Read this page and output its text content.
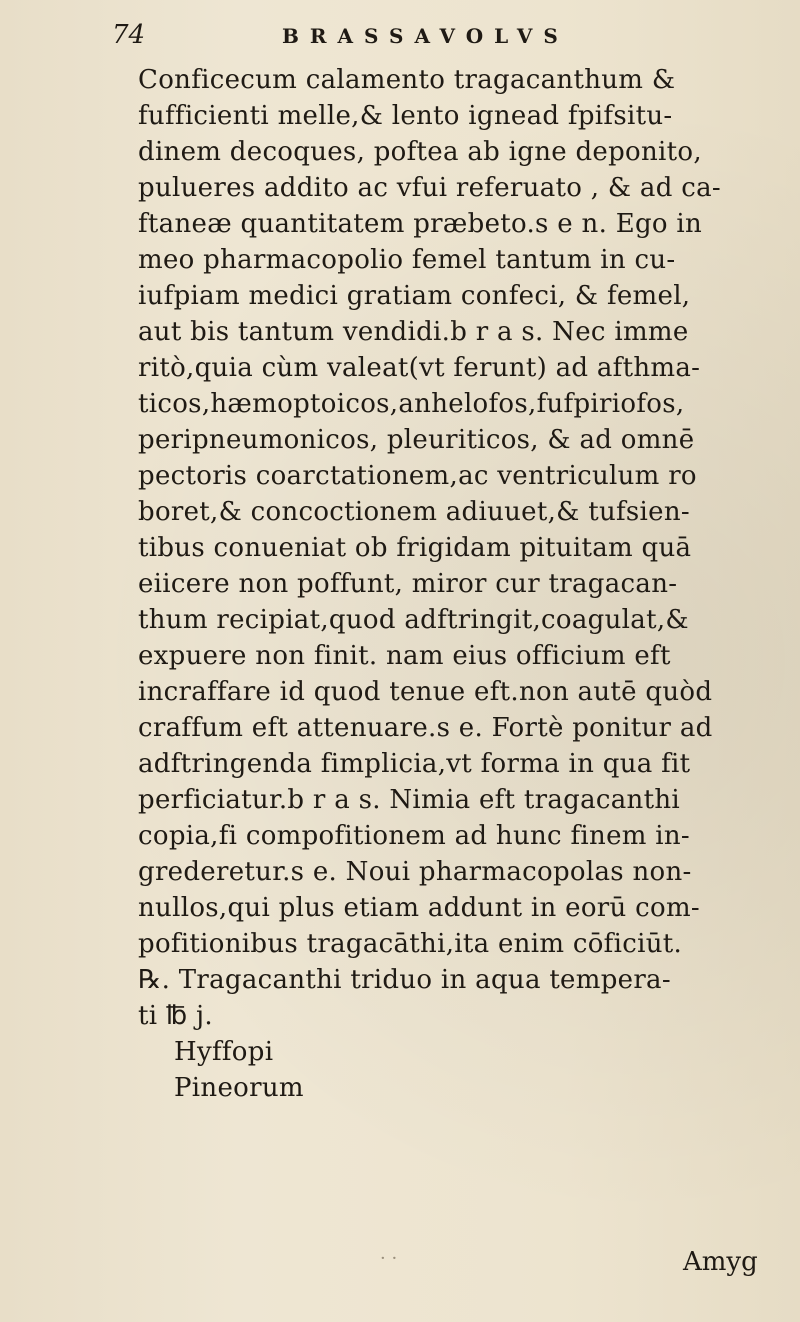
74	BRASSAVOLVS
Conficecum calamento tragacanthum &
fufficienti melle,& lento ignead fpifsitu-
dinem decoques, poftea ab igne deponito,
pulueres addito ac vfui referuato , & ad ca-
ftaneæ quantitatem præbeto.s e n. Ego in
meo pharmacopolio femel tantum in cu-
iufpiam medici gratiam confeci, & femel,
aut bis tantum vendidi.b r a s. Nec imme
ritò,quia cùm valeat(vt ferunt) ad afthma-
ticos,hæmoptoicos,anhelofos,fufpiriofos,
peripneumonicos, pleuriticos, & ad omnē
pectoris coarctationem,ac ventriculum ro
boret,& concoctionem adiuuet,& tufsien-
tibus conueniat ob frigidam pituitam quā
eiicere non poffunt, miror cur tragacan-
thum recipiat,quod adftringit,coagulat,&
expuere non finit. nam eius officium eft
incraffare id quod tenue eft.non autē quòd
craffum eft attenuare.s e. Fortè ponitur ad
adftringenda fimplicia,vt forma in qua fit
perficiatur.b r a s. Nimia eft tragacanthi
copia,fi compofitionem ad hunc finem in-
grederetur.s e. Noui pharmacopolas non-
nullos,qui plus etiam addunt in eorū com-
pofitionibus tragacāthi,ita enim cōficiūt.
℞. Tragacanthi triduo in aqua tempera-
ti ℔ j.
Hyffopi
Pineorum
· ·	Amyg
